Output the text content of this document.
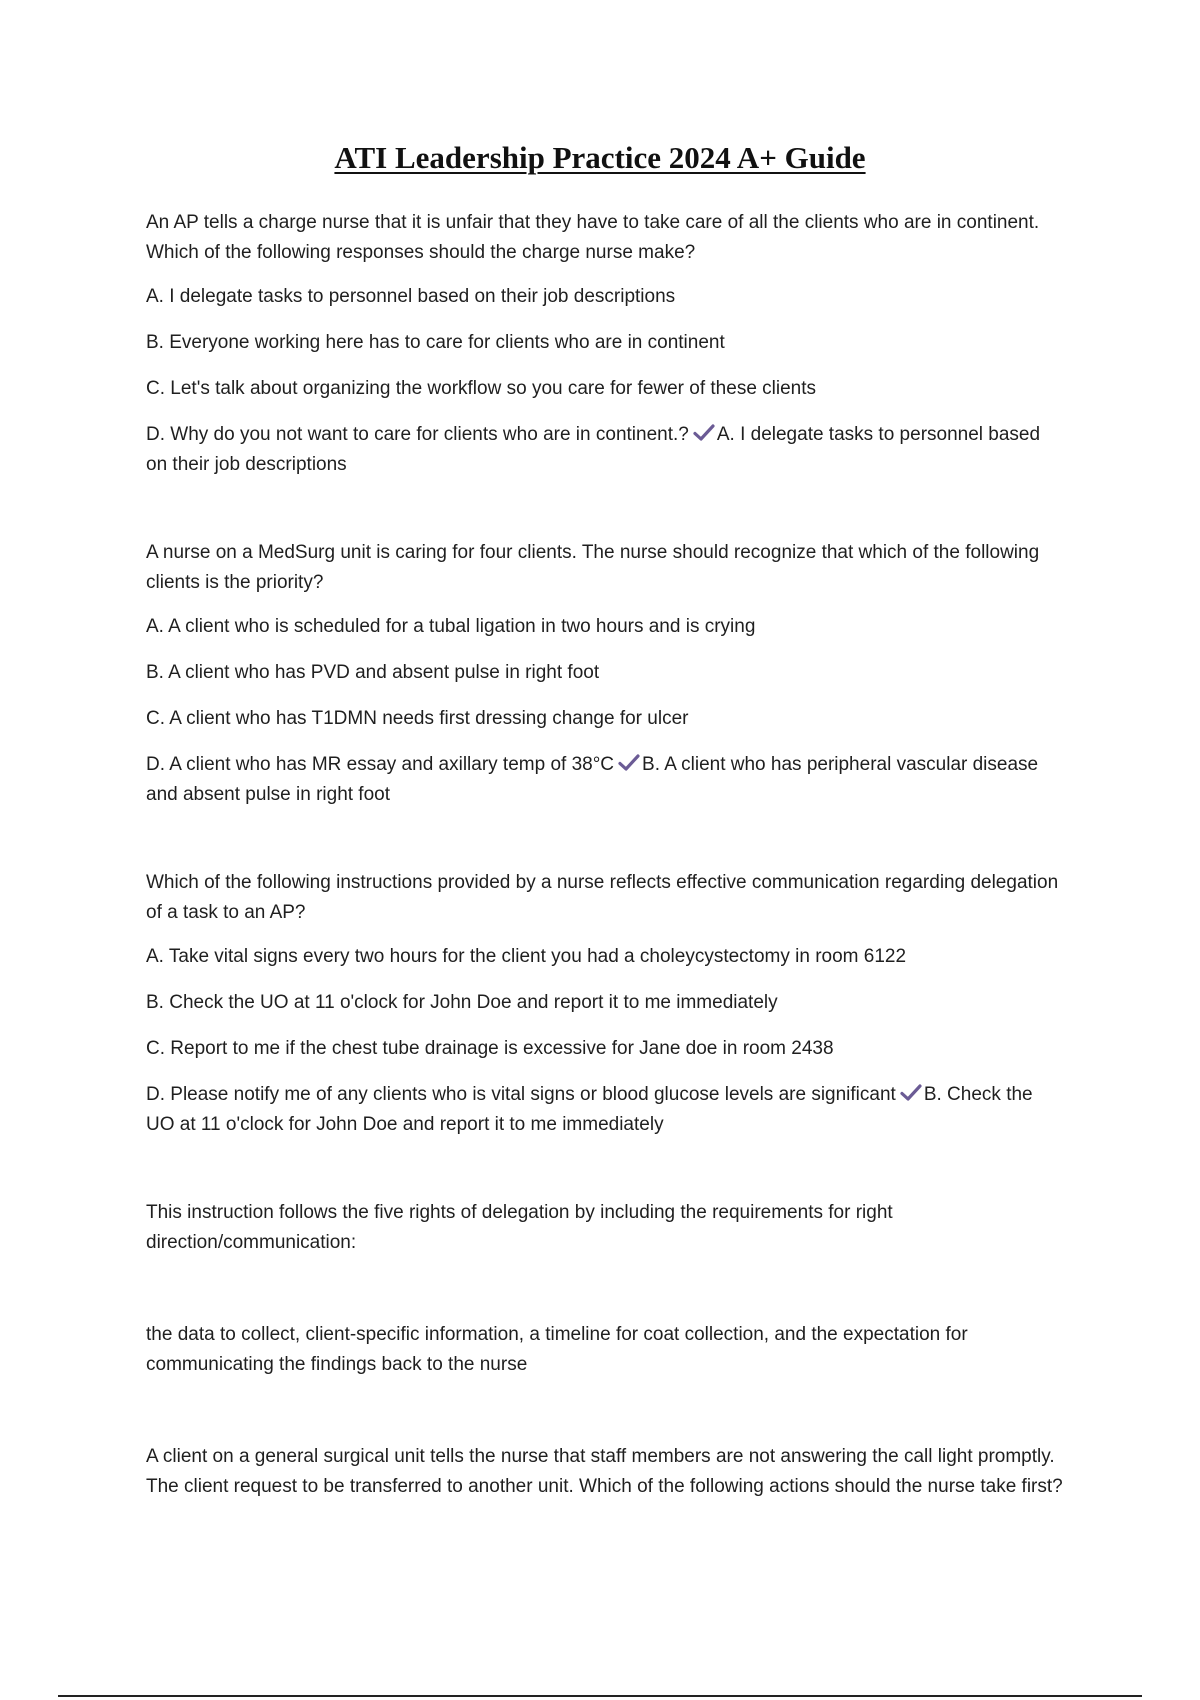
ATI Leadership Practice 2024 A+ Guide

An AP tells a charge nurse that it is unfair that they have to take care of all the clients who are in continent. Which of the following responses should the charge nurse make?

A. I delegate tasks to personnel based on their job descriptions

B. Everyone working here has to care for clients who are in continent

C. Let's talk about organizing the workflow so you care for fewer of these clients

D. Why do you not want to care for clients who are in continent.? A. I delegate tasks to personnel based on their job descriptions

A nurse on a MedSurg unit is caring for four clients. The nurse should recognize that which of the following clients is the priority?

A. A client who is scheduled for a tubal ligation in two hours and is crying

B. A client who has PVD and absent pulse in right foot

C. A client who has T1DMN needs first dressing change for ulcer

D. A client who has MR essay and axillary temp of 38°C B. A client who has peripheral vascular disease and absent pulse in right foot

Which of the following instructions provided by a nurse reflects effective communication regarding delegation of a task to an AP?

A. Take vital signs every two hours for the client you had a choleycystectomy in room 6122

B. Check the UO at 11 o'clock for John Doe and report it to me immediately

C. Report to me if the chest tube drainage is excessive for Jane doe in room 2438

D. Please notify me of any clients who is vital signs or blood glucose levels are significant B. Check the UO at 11 o'clock for John Doe and report it to me immediately

This instruction follows the five rights of delegation by including the requirements for right direction/communication:

the data to collect, client-specific information, a timeline for coat collection, and the expectation for communicating the findings back to the nurse

A client on a general surgical unit tells the nurse that staff members are not answering the call light promptly. The client request to be transferred to another unit. Which of the following actions should the nurse take first?
